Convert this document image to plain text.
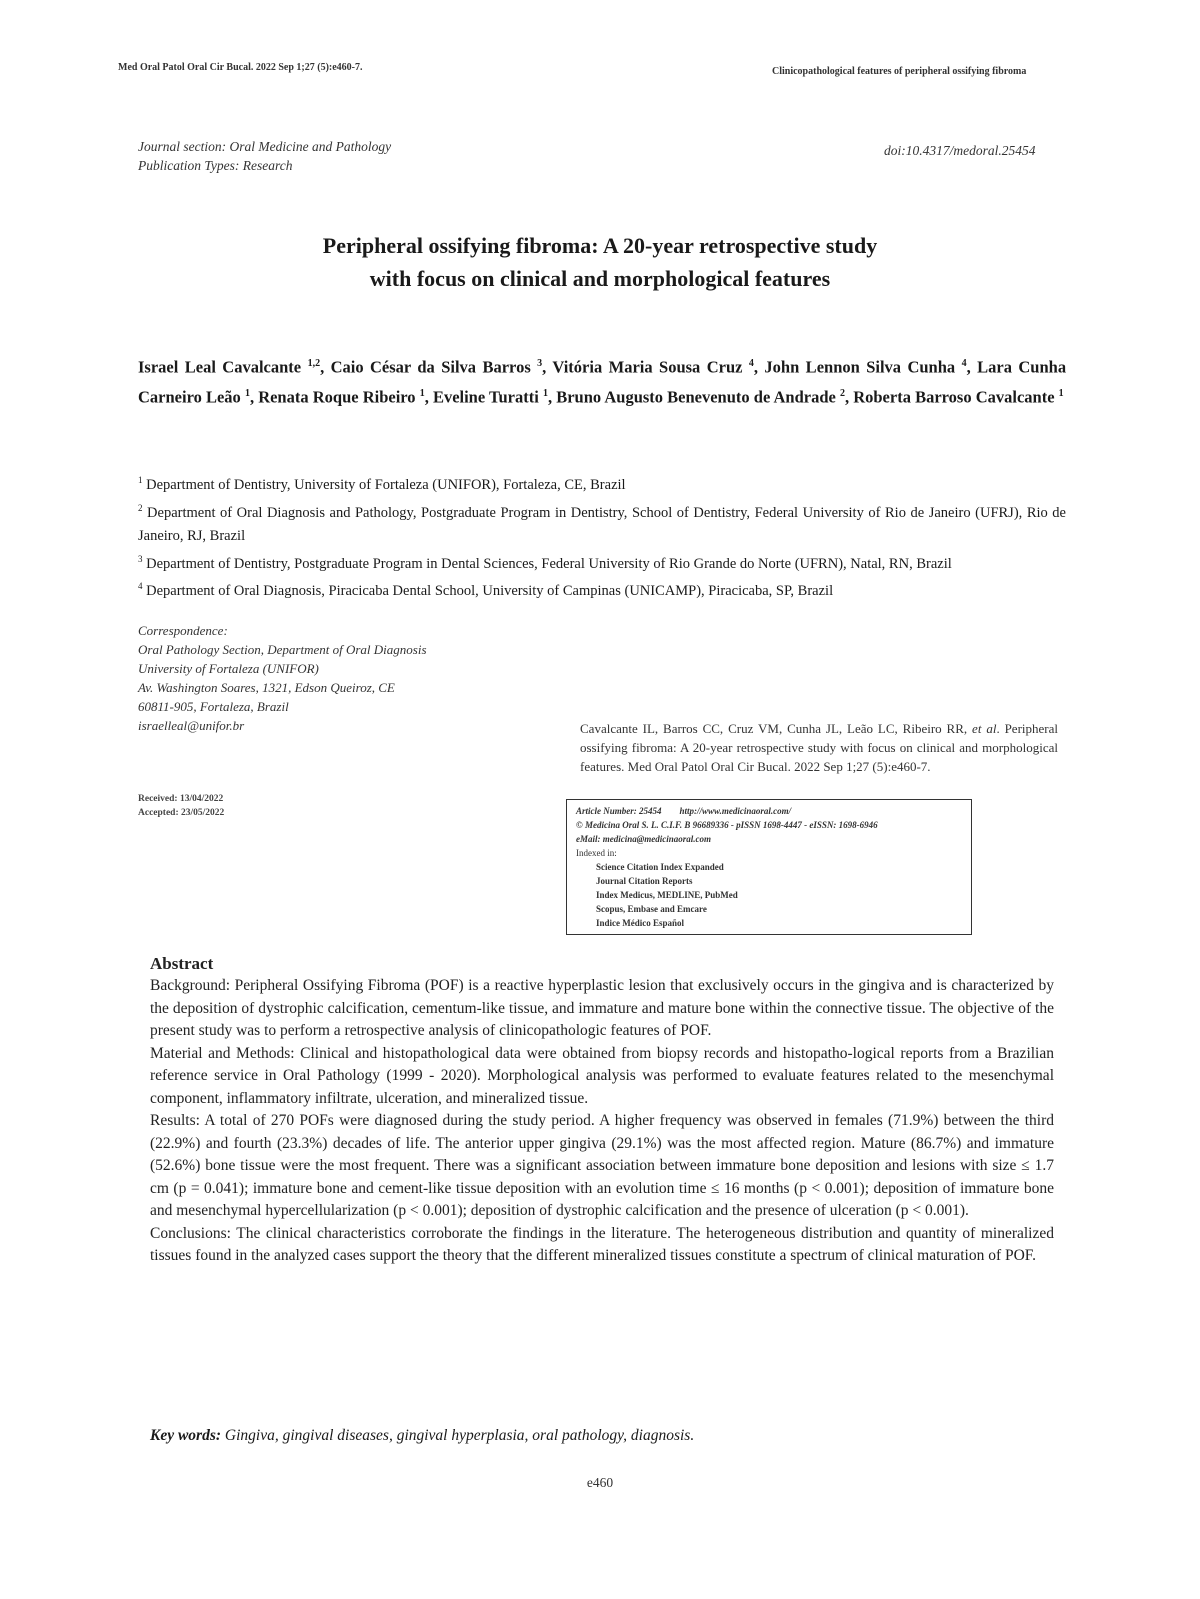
Med Oral Patol Oral Cir Bucal. 2022 Sep 1;27 (5):e460-7.	Clinicopathological features of peripheral ossifying fibroma
Journal section: Oral Medicine and Pathology
Publication Types: Research
doi:10.4317/medoral.25454
Peripheral ossifying fibroma: A 20-year retrospective study
with focus on clinical and morphological features
Israel Leal Cavalcante $^{1,2}$, Caio César da Silva Barros $^3$, Vitória Maria Sousa Cruz $^4$, John Lennon Silva Cunha $^4$, Lara Cunha Carneiro Leão $^1$, Renata Roque Ribeiro $^1$, Eveline Turatti $^1$, Bruno Augusto Benevenuto de Andrade $^2$, Roberta Barroso Cavalcante $^1$

$^1$ Department of Dentistry, University of Fortaleza (UNIFOR), Fortaleza, CE, Brazil

$^2$ Department of Oral Diagnosis and Pathology, Postgraduate Program in Dentistry, School of Dentistry, Federal University of Rio de Janeiro (UFRJ), Rio de Janeiro, RJ, Brazil

$^3$ Department of Dentistry, Postgraduate Program in Dental Sciences, Federal University of Rio Grande do Norte (UFRN), Natal, RN, Brazil

$^4$ Department of Oral Diagnosis, Piracicaba Dental School, University of Campinas (UNICAMP), Piracicaba, SP, Brazil

Correspondence:
Oral Pathology Section, Department of Oral Diagnosis
University of Fortaleza (UNIFOR)
Av. Washington Soares, 1321, Edson Queiroz, CE
60811-905, Fortaleza, Brazil
israelleal@unifor.br	Cavalcante IL, Barros CC, Cruz VM, Cunha JL, Leão LC, Ribeiro RR, et al. Peripheral ossifying fibroma: A 20-year retrospective study with focus on clinical and morphological features. Med Oral Patol Oral Cir Bucal. 2022 Sep 1;27 (5):e460-7.
Received: 13/04/2022
Accepted: 23/05/2022	Article Number: 25454 http://www.medicinaoral.com/
© Medicina Oral S. L. C.I.F. B 96689336 - pISSN 1698-4447 - eISSN: 1698-6946
eMail: medicina@medicinaoral.com
Indexed in:
Science Citation Index Expanded
Journal Citation Reports
Index Medicus, MEDLINE, PubMed
Scopus, Embase and Emcare
Indice Médico Español
Abstract

Background: Peripheral Ossifying Fibroma (POF) is a reactive hyperplastic lesion that exclusively occurs in the gingiva and is characterized by the deposition of dystrophic calcification, cementum-like tissue, and immature and mature bone within the connective tissue. The objective of the present study was to perform a retrospective analysis of clinicopathologic features of POF.

Material and Methods: Clinical and histopathological data were obtained from biopsy records and histopatho-logical reports from a Brazilian reference service in Oral Pathology (1999 - 2020). Morphological analysis was performed to evaluate features related to the mesenchymal component, inflammatory infiltrate, ulceration, and mineralized tissue.

Results: A total of 270 POFs were diagnosed during the study period. A higher frequency was observed in females (71.9%) between the third (22.9%) and fourth (23.3%) decades of life. The anterior upper gingiva (29.1%) was the most affected region. Mature (86.7%) and immature (52.6%) bone tissue were the most frequent. There was a significant association between immature bone deposition and lesions with size ≤ 1.7 cm (p = 0.041); immature bone and cement-like tissue deposition with an evolution time ≤ 16 months (p < 0.001); deposition of immature bone and mesenchymal hypercellularization (p < 0.001); deposition of dystrophic calcification and the presence of ulceration (p < 0.001).

Conclusions: The clinical characteristics corroborate the findings in the literature. The heterogeneous distribution and quantity of mineralized tissues found in the analyzed cases support the theory that the different mineralized tissues constitute a spectrum of clinical maturation of POF.

Key words: Gingiva, gingival diseases, gingival hyperplasia, oral pathology, diagnosis.
e460
